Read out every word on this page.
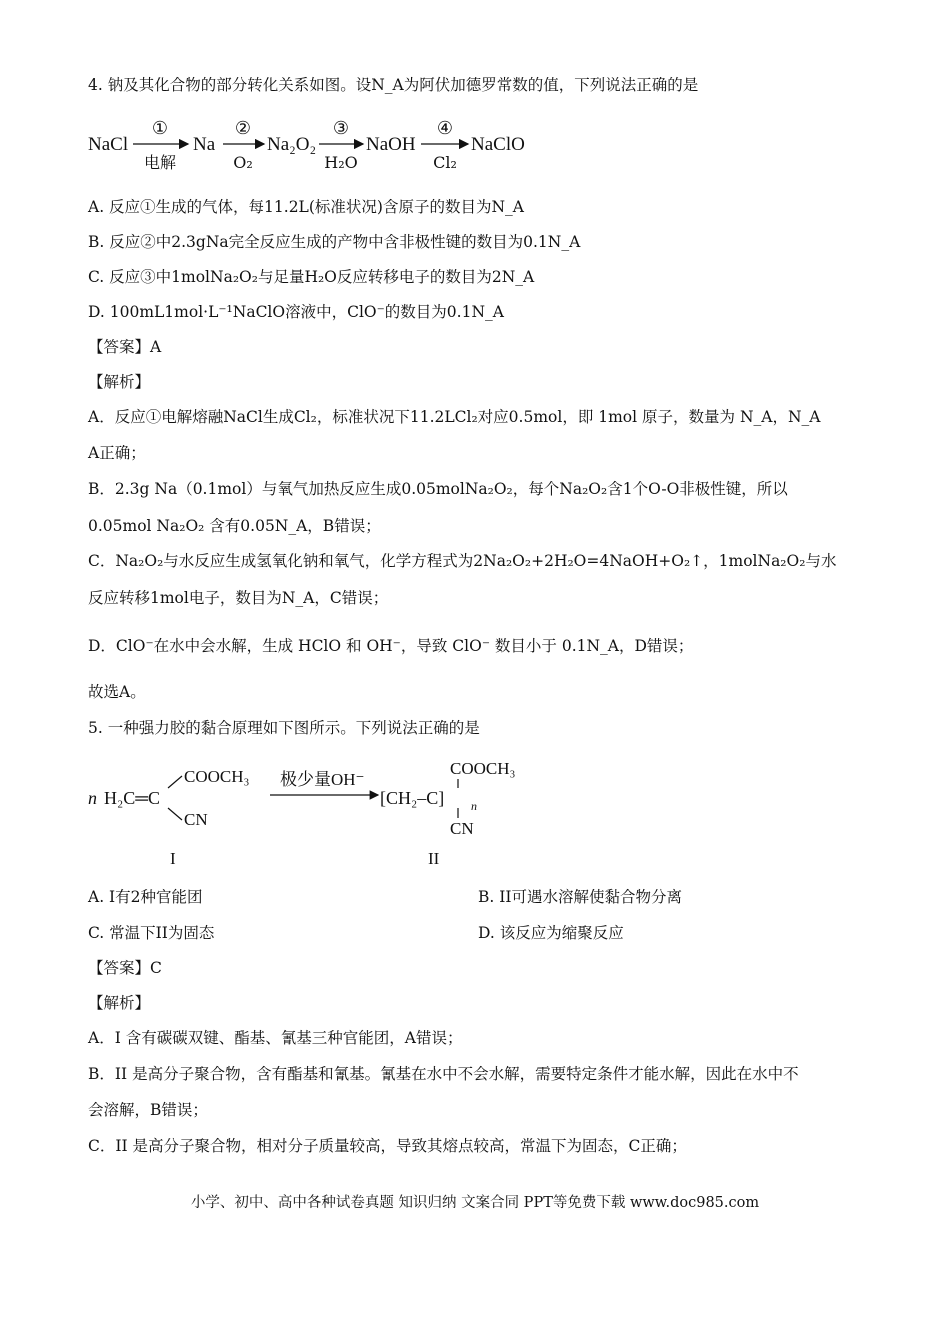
4. 钠及其化合物的部分转化关系如图。设N_A为阿伏加德罗常数的值，下列说法正确的是
NaCl	Na	Na₂O₂	NaOH	NaClO
①	②	③	④
电解	O₂	H₂O	Cl₂
A. 反应①生成的气体，每11.2L(标准状况)含原子的数目为N_A
B. 反应②中2.3gNa完全反应生成的产物中含非极性键的数目为0.1N_A
C. 反应③中1molNa₂O₂与足量H₂O反应转移电子的数目为2N_A
D. 100mL1mol·L⁻¹NaClO溶液中，ClO⁻的数目为0.1N_A
【答案】A
【解析】
A．反应①电解熔融NaCl生成Cl₂，标准状况下11.2LCl₂对应0.5mol，即 1mol 原子，数量为 N_A，N_A
A正确；
B．2.3g Na（0.1mol）与氧气加热反应生成0.05molNa₂O₂，每个Na₂O₂含1个O-O非极性键，所以
0.05mol Na₂O₂ 含有0.05N_A，B错误；
C．Na₂O₂与水反应生成氢氧化钠和氧气，化学方程式为2Na₂O₂+2H₂O=4NaOH+O₂↑，1molNa₂O₂与水
反应转移1mol电子，数目为N_A，C错误；
D．ClO⁻在水中会水解，生成 HClO 和 OH⁻，导致 ClO⁻ 数目小于 0.1N_A，D错误；
故选A。
5. 一种强力胶的黏合原理如下图所示。下列说法正确的是
n H₂C═C
COOCH₃
CN
极少量OH⁻
[CH₂–C] n
COOCH₃
CN
I	II
A. I有2种官能团	B. II可遇水溶解使黏合物分离
C. 常温下II为固态	D. 该反应为缩聚反应
【答案】C
【解析】
A．Ⅰ 含有碳碳双键、酯基、氰基三种官能团，A错误；
B．II 是高分子聚合物，含有酯基和氰基。氰基在水中不会水解，需要特定条件才能水解，因此在水中不
会溶解，B错误；
C．II 是高分子聚合物，相对分子质量较高，导致其熔点较高，常温下为固态，C正确；
小学、初中、高中各种试卷真题 知识归纳 文案合同 PPT等免费下载 www.doc985.com
